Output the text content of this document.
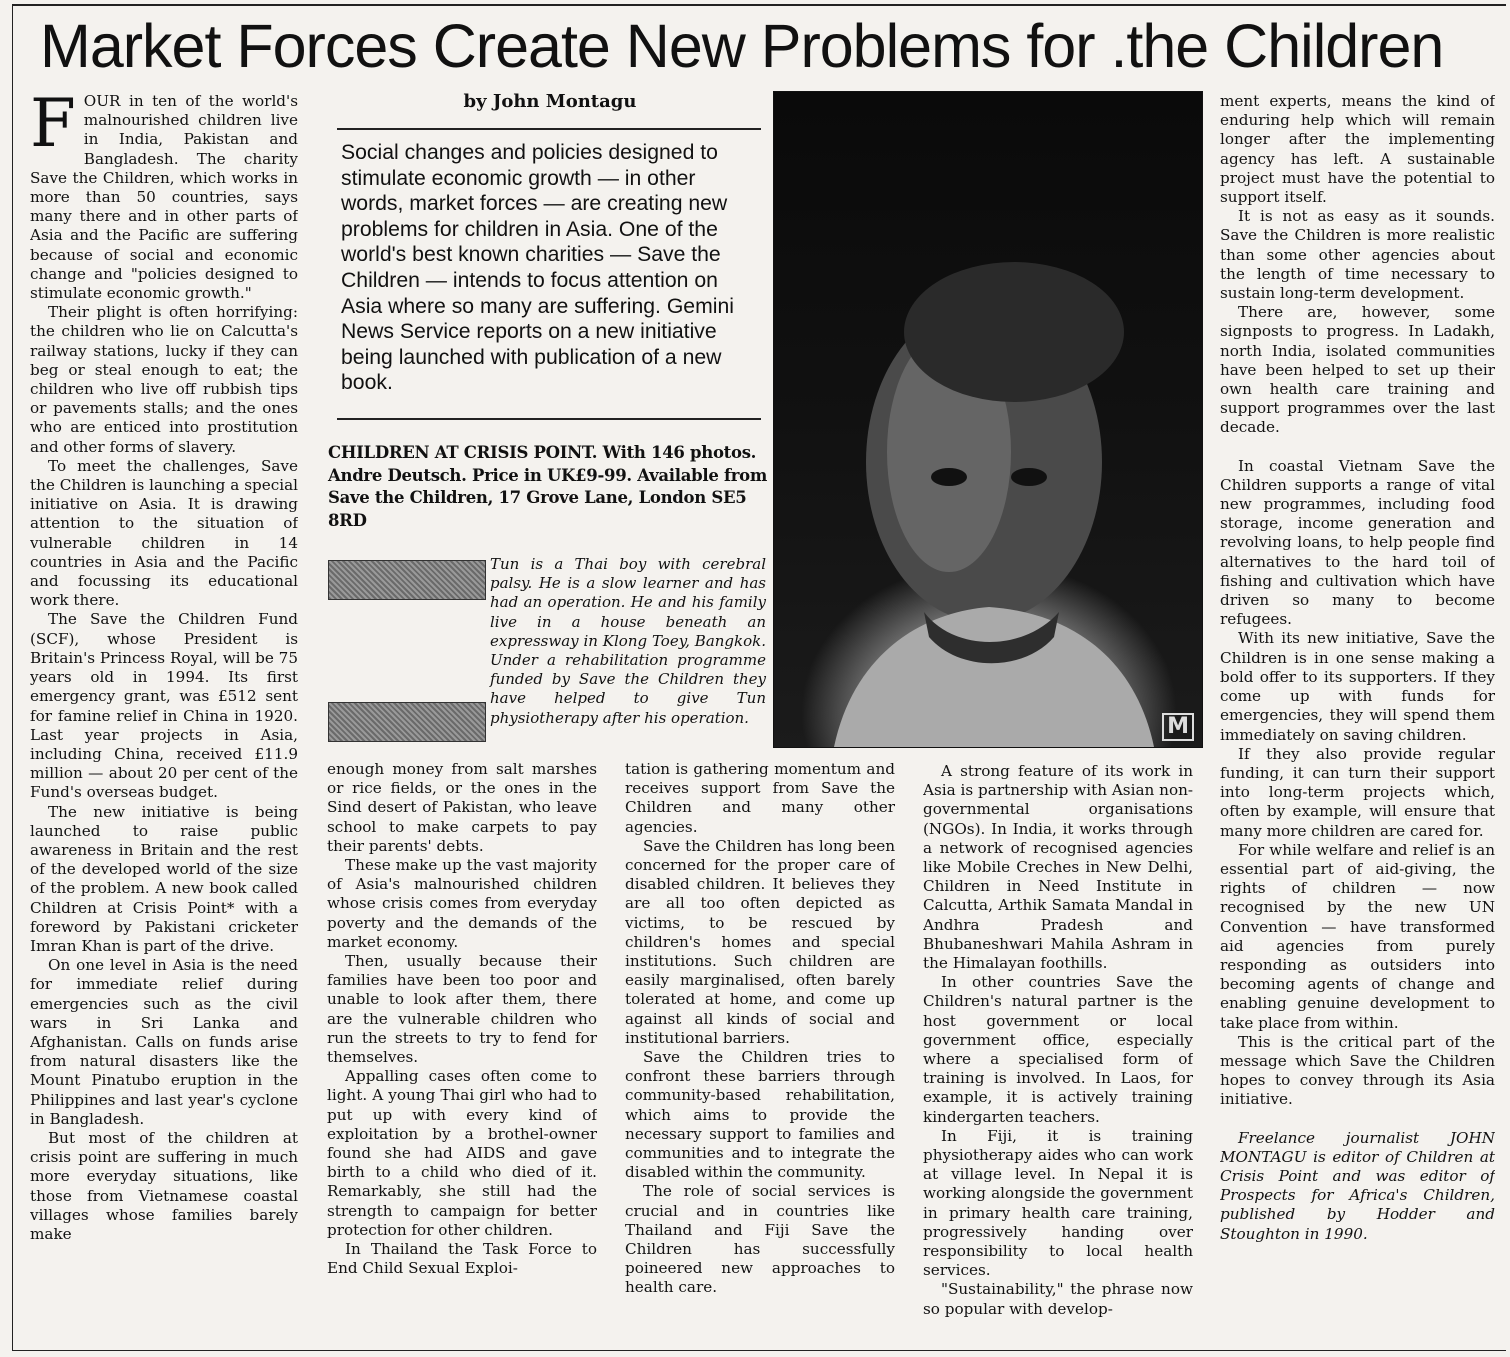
Market Forces Create New Problems for .the Children

FOUR in ten of the world's malnourished children live in India, Pakistan and Bangladesh. The charity Save the Children, which works in more than 50 countries, says many there and in other parts of Asia and the Pacific are suffering because of social and economic change and "policies designed to stimulate economic growth."

Their plight is often horrifying: the children who lie on Calcutta's railway stations, lucky if they can beg or steal enough to eat; the children who live off rubbish tips or pavements stalls; and the ones who are enticed into prostitution and other forms of slavery.

To meet the challenges, Save the Children is launching a special initiative on Asia. It is drawing attention to the situation of vulnerable children in 14 countries in Asia and the Pacific and focussing its educational work there.

The Save the Children Fund (SCF), whose President is Britain's Princess Royal, will be 75 years old in 1994. Its first emergency grant, was £512 sent for famine relief in China in 1920. Last year projects in Asia, including China, received £11.9 million — about 20 per cent of the Fund's overseas budget.

The new initiative is being launched to raise public awareness in Britain and the rest of the developed world of the size of the problem. A new book called Children at Crisis Point* with a foreword by Pakistani cricketer Imran Khan is part of the drive.

On one level in Asia is the need for immediate relief during emergencies such as the civil wars in Sri Lanka and Afghanistan. Calls on funds arise from natural disasters like the Mount Pinatubo eruption in the Philippines and last year's cyclone in Bangladesh.

But most of the children at crisis point are suffering in much more everyday situations, like those from Vietnamese coastal villages whose families barely make

by John Montagu
Social changes and policies designed to stimulate economic growth — in other words, market forces — are creating new problems for children in Asia. One of the world's best known charities — Save the Children — intends to focus attention on Asia where so many are suffering. Gemini News Service reports on a new initiative being launched with publication of a new book.
CHILDREN AT CRISIS POINT. With 146 photos. Andre Deutsch. Price in UK£9-99. Available from Save the Children, 17 Grove Lane, London SE5 8RD
Tun is a Thai boy with cerebral palsy. He is a slow learner and has had an operation. He and his family live in a house beneath an expressway in Klong Toey, Bangkok. Under a rehabilitation programme funded by Save the Children they have helped to give Tun physiotherapy after his operation.	M

enough money from salt marshes or rice fields, or the ones in the Sind desert of Pakistan, who leave school to make carpets to pay their parents' debts.

These make up the vast majority of Asia's malnourished children whose crisis comes from everyday poverty and the demands of the market economy.

Then, usually because their families have been too poor and unable to look after them, there are the vulnerable children who run the streets to try to fend for themselves.

Appalling cases often come to light. A young Thai girl who had to put up with every kind of exploitation by a brothel-owner found she had AIDS and gave birth to a child who died of it. Remarkably, she still had the strength to campaign for better protection for other children.

In Thailand the Task Force to End Child Sexual Exploi-

tation is gathering momentum and receives support from Save the Children and many other agencies.

Save the Children has long been concerned for the proper care of disabled children. It believes they are all too often depicted as victims, to be rescued by children's homes and special institutions. Such children are easily marginalised, often barely tolerated at home, and come up against all kinds of social and institutional barriers.

Save the Children tries to confront these barriers through community-based rehabilitation, which aims to provide the necessary support to families and communities and to integrate the disabled within the community.

The role of social services is crucial and in countries like Thailand and Fiji Save the Children has successfully poineered new approaches to health care.

A strong feature of its work in Asia is partnership with Asian non-governmental organisations (NGOs). In India, it works through a network of recognised agencies like Mobile Creches in New Delhi, Children in Need Institute in Calcutta, Arthik Samata Mandal in Andhra Pradesh and Bhubaneshwari Mahila Ashram in the Himalayan foothills.

In other countries Save the Children's natural partner is the host government or local government office, especially where a specialised form of training is involved. In Laos, for example, it is actively training kindergarten teachers.

In Fiji, it is training physiotherapy aides who can work at village level. In Nepal it is working alongside the government in primary health care training, progressively handing over responsibility to local health services.

"Sustainability," the phrase now so popular with develop-

ment experts, means the kind of enduring help which will remain longer after the implementing agency has left. A sustainable project must have the potential to support itself.

It is not as easy as it sounds. Save the Children is more realistic than some other agencies about the length of time necessary to sustain long-term development.

There are, however, some signposts to progress. In Ladakh, north India, isolated communities have been helped to set up their own health care training and support programmes over the last decade.

In coastal Vietnam Save the Children supports a range of vital new programmes, including food storage, income generation and revolving loans, to help people find alternatives to the hard toil of fishing and cultivation which have driven so many to become refugees.

With its new initiative, Save the Children is in one sense making a bold offer to its supporters. If they come up with funds for emergencies, they will spend them immediately on saving children.

If they also provide regular funding, it can turn their support into long-term projects which, often by example, will ensure that many more children are cared for.

For while welfare and relief is an essential part of aid-giving, the rights of children — now recognised by the new UN Convention — have transformed aid agencies from purely responding as outsiders into becoming agents of change and enabling genuine development to take place from within.

This is the critical part of the message which Save the Children hopes to convey through its Asia initiative.

Freelance journalist JOHN MONTAGU is editor of Children at Crisis Point and was editor of Prospects for Africa's Children, published by Hodder and Stoughton in 1990.
